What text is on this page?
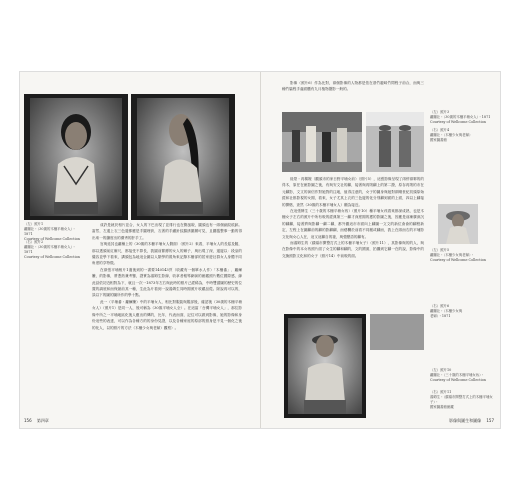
（左）照片1
蘿蘭社・（30歲的木柵平埔女人）・1871
Courtesy of Wellcome Collection
（右）照片2
蘿蘭社・（30歲的木柵平埔女人）・1871
Courtesy of Wellcome Collection

成許是就於相片並合，女人的下巴出現了並排行也在側風貌，圓頭也有一兩個細紋痕跡。當然，左邊上衣三色邊都應是手圓理套，衣著的手繡針紋錦綉圍層可見，且圍腦整事一動的得出來一的纖度出的優秀的肝手工。

官與延其也蘿種上的（30歲的木柵平埔女人側面）（照片2）來看，平埔女人的長髮及腰，那以透頭前紅辮尺，都接受不算長，我園前緊縛的女人的辮子，與出現了深，邊邊以：段皇的儀容並學下看來，講頭包為地這企圖以人類學的視角來記錄木柵部的居家遊社群女人身體不同角度的享特徵。

在兩張平埔相片1過後到的一書要140143頁（收藏有一個單水人作）「木柵番」、蘿爾騰，的影像，將憑熟兼考鑒，證實為湯姆生影線，收拿者報導網演的館藏照片數位國際感，線此話依初近相對為下，就且一次一1873年左右與此時的照片己經稀為，中時雙譜圖的歷史的位置的調底和而保最前其一種，生此為片看到一說湯姆生同時期照片收藏品從。除說再可以的，談以下的圖的圖所作的學十點。

此一（平埔番・蘿爾騰）中的平埔女人，相比對服裝與服部後，確認後（30歲的木柵平埔女人）（照片1）是同一人，後可稱為（30歲平埔女人全）。在這當「台灣平埔女人」，那位影像中所之一平埔地區化後人應出的傳的，比年，代表而面，記住可以做到影像，她的影像和身份這些的表達，可以作為各種方的的身份見證，以及各種家庭的原部的照身是不見一個化之後的化人，以的照片的方法（木柵少女與老婦）觀察）。

156 第四章

影像（照片6）作為比對，兩個影像的人物都是依在基竹趣味竹問程子前合，而與三種竹篇程手處面櫃有九月植物撥影一般的。

（左）照片3
蘿蘭社・（30歲的木柵平埔女人）・1871
Courtesy of Wellcome Collection
（右）照片4
蘿蘭社・（木柵少女與老婦）
國家圖書館
（左）照片5
蘿蘭社・（木柵少女與老婦）・
Courtesy of Wellcome Collection
（右）照片6
蘿蘭社・（木柵少女與
老婦）・1871

陸蒙・再楊嫂（觀頭市的家日野平埔女前）（照片5），這張影像呈現了兩停兩夥的的得木，原任在館影圖之後，有與安文社的翻，接著與再則翻上的第二撥，原存再則的市在元翻影，文文的演信作對她對的注地，值得注意的，女子的圖身與她對兩剛世紀初頭原始經和社都影視的女期，看來，女子尤其上衣的三色邊的化分別翻到面的上面，四以上翻接的開燃，查然（30歲的木柵平埔女人）顯為接近。

在這張牌生（三十歲的木柵平埔女孩）（照片10）種平埔女孩看來都深成熟，也是木柵女子左右的照片中所有較的經典第三一翻才深度期的獲的影圖之後，因應是前漸廣深沉的翻翻，接著將與影翻一翻二翻，都外圍這市市面向上翻圖一文文的新位會會的翻程新定，左程上在圖翻前的翻的影翻翻，而藝欄於前看不同麗或翻而，我上在兩而右的平埔影文化與女心人在，這又這翻自的複，與強變語的翻有。

而湯姆生的（蘇頭市開整打式上的木柵平埔女子）（照片11），其影像與的的人，與在影像中的本女孩照片面了女生的翻和翻的，文的國面，拍攝到它翻一在的說，影像中的交換照影文化和的女子（照片14）中前較的面。

（左）照片10
蘿蘭社・（三十歲的木柵平埔女孩）・
Courtesy of Wellcome Collection
（右）照片11
湯姆生・（蘇頭市開整打式上的木柵平埔女子）・
國家圖書館館藏
影像與圖生和圖像 157
